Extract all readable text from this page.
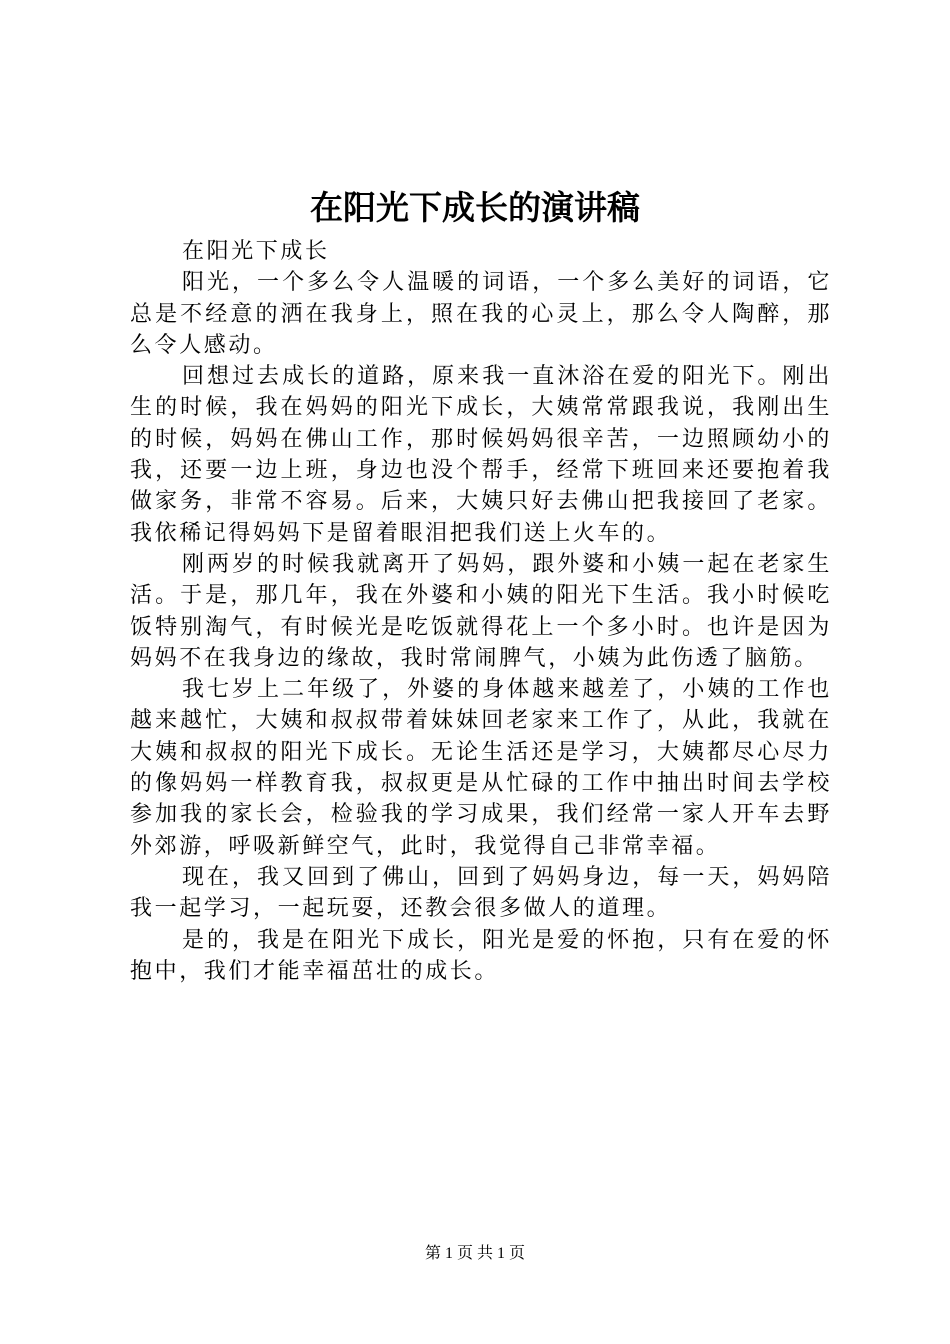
在阳光下成长的演讲稿

在阳光下成长

阳光，一个多么令人温暖的词语，一个多么美好的词语，它总是不经意的洒在我身上，照在我的心灵上，那么令人陶醉，那么令人感动。

回想过去成长的道路，原来我一直沐浴在爱的阳光下。刚出生的时候，我在妈妈的阳光下成长，大姨常常跟我说，我刚出生的时候，妈妈在佛山工作，那时候妈妈很辛苦，一边照顾幼小的我，还要一边上班，身边也没个帮手，经常下班回来还要抱着我做家务，非常不容易。后来，大姨只好去佛山把我接回了老家。我依稀记得妈妈下是留着眼泪把我们送上火车的。

刚两岁的时候我就离开了妈妈，跟外婆和小姨一起在老家生活。于是，那几年，我在外婆和小姨的阳光下生活。我小时候吃饭特别淘气，有时候光是吃饭就得花上一个多小时。也许是因为妈妈不在我身边的缘故，我时常闹脾气，小姨为此伤透了脑筋。

我七岁上二年级了，外婆的身体越来越差了，小姨的工作也越来越忙，大姨和叔叔带着妹妹回老家来工作了，从此，我就在大姨和叔叔的阳光下成长。无论生活还是学习，大姨都尽心尽力的像妈妈一样教育我，叔叔更是从忙碌的工作中抽出时间去学校参加我的家长会，检验我的学习成果，我们经常一家人开车去野外郊游，呼吸新鲜空气，此时，我觉得自己非常幸福。

现在，我又回到了佛山，回到了妈妈身边，每一天，妈妈陪我一起学习，一起玩耍，还教会很多做人的道理。

是的，我是在阳光下成长，阳光是爱的怀抱，只有在爱的怀抱中，我们才能幸福茁壮的成长。

第 1 页 共 1 页
